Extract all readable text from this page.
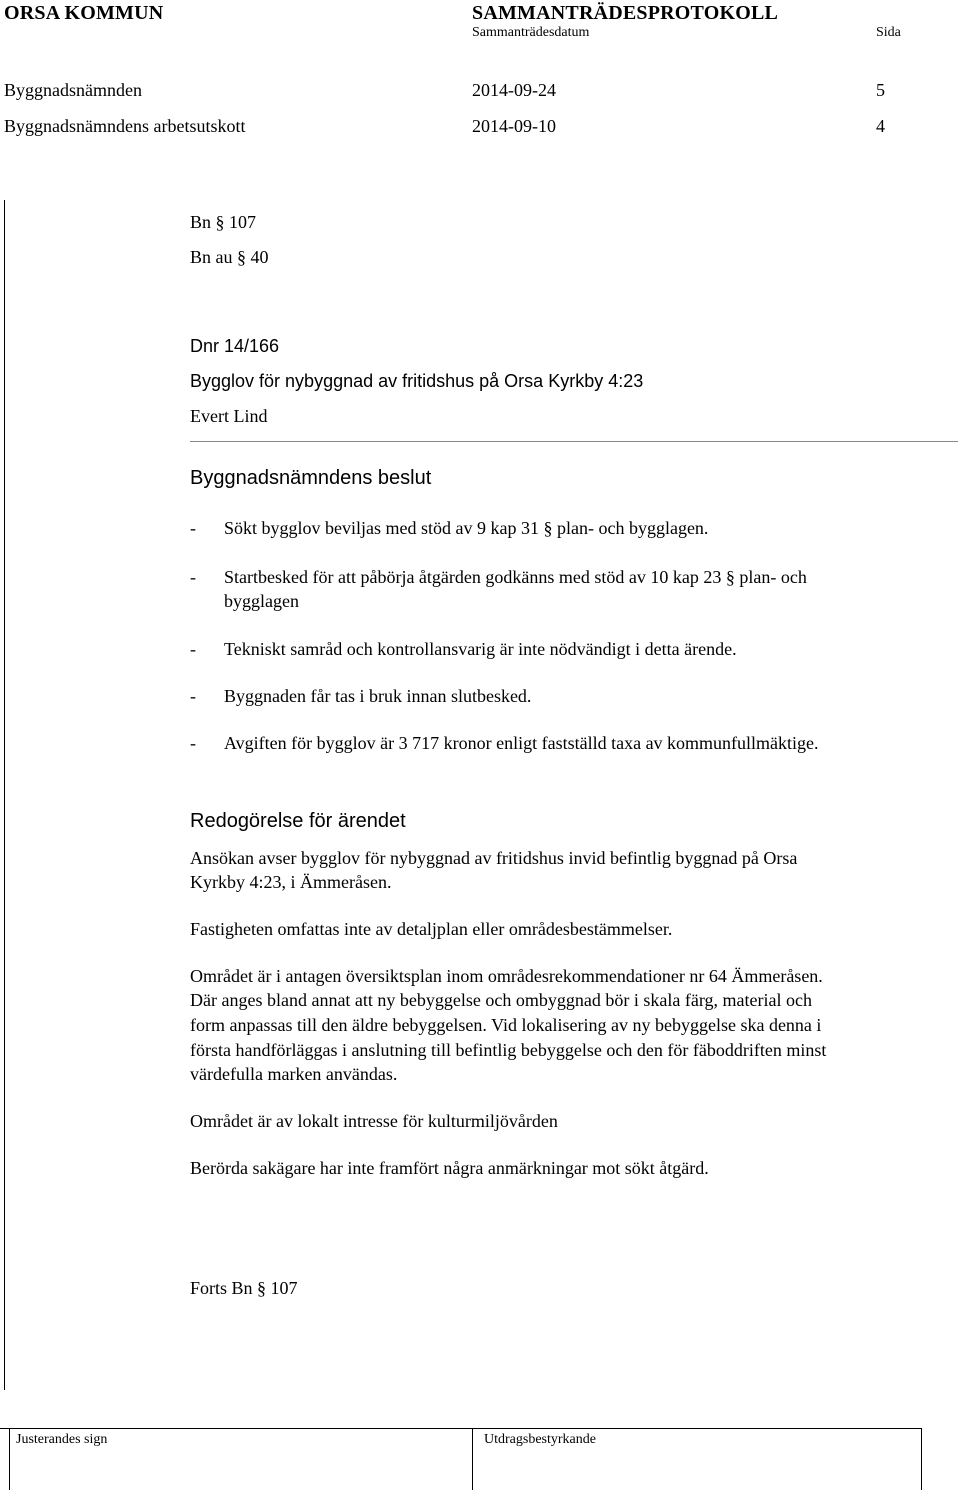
ORSA KOMMUN	SAMMANTRÄDESPROTOKOLL
Sammanträdesdatum	Sida
Byggnadsnämnden	2014-09-24	5
Byggnadsnämndens arbetsutskott	2014-09-10	4
Bn § 107
Bn au § 40
Dnr 14/166
Bygglov för nybyggnad av fritidshus på Orsa Kyrkby 4:23
Evert Lind
Byggnadsnämndens beslut
- Sökt bygglov beviljas med stöd av 9 kap 31 § plan- och bygglagen.
- Startbesked för att påbörja åtgärden godkänns med stöd av 10 kap 23 § plan- och
bygglagen
- Tekniskt samråd och kontrollansvarig är inte nödvändigt i detta ärende.
- Byggnaden får tas i bruk innan slutbesked.
- Avgiften för bygglov är 3 717 kronor enligt fastställd taxa av kommunfullmäktige.
Redogörelse för ärendet
Ansökan avser bygglov för nybyggnad av fritidshus invid befintlig byggnad på Orsa
Kyrkby 4:23, i Ämmeråsen.
Fastigheten omfattas inte av detaljplan eller områdesbestämmelser.
Området är i antagen översiktsplan inom områdesrekommendationer nr 64 Ämmeråsen.
Där anges bland annat att ny bebyggelse och ombyggnad bör i skala färg, material och
form anpassas till den äldre bebyggelsen. Vid lokalisering av ny bebyggelse ska denna i
första handförläggas i anslutning till befintlig bebyggelse och den för fäboddriften minst
värdefulla marken användas.
Området är av lokalt intresse för kulturmiljövården
Berörda sakägare har inte framfört några anmärkningar mot sökt åtgärd.
Forts Bn § 107
Justerandes sign	Utdragsbestyrkande
